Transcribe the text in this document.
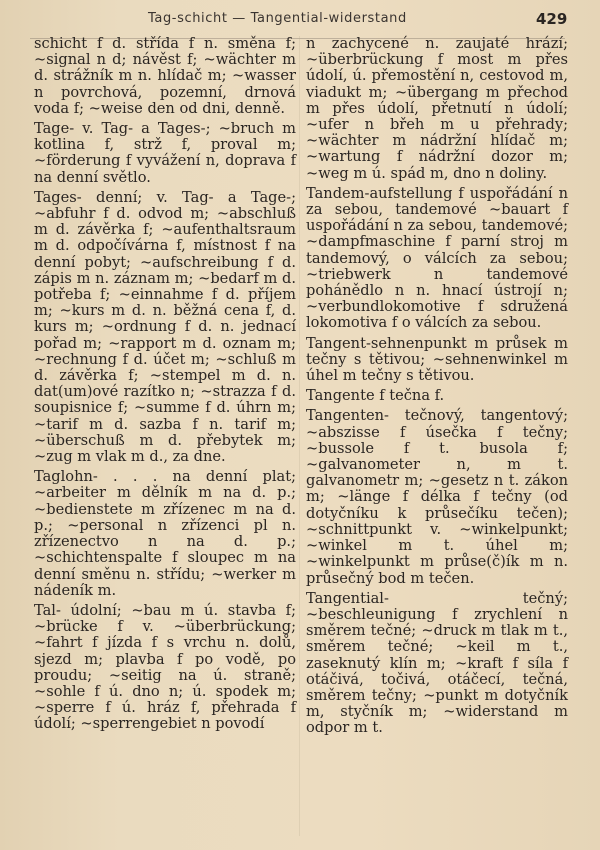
Tag-schicht — Tangential-widerstand	429

schicht f d. střída f n. směna f; ~signal n d; návěst f; ~wächter m d. strážník m n. hlídač m; ~wasser n povrchová, pozemní, drnová voda f; ~weise den od dni, denně.

Tage- v. Tag- a Tages-; ~bruch m kotlina f, strž f, proval m; ~förderung f vyvážení n, doprava f na denní světlo.

Tages- denní; v. Tag- a Tage-; ~abfuhr f d. odvod m; ~abschluß m d. závěrka f; ~aufenthaltsraum m d. odpočívárna f, místnost f na denní pobyt; ~aufschreibung f d. zápis m n. záznam m; ~bedarf m d. potřeba f; ~einnahme f d. příjem m; ~kurs m d. n. běžná cena f, d. kurs m; ~ordnung f d. n. jednací pořad m; ~rapport m d. oznam m; ~rechnung f d. účet m; ~schluß m d. závěrka f; ~stempel m d. n. dat(um)ové razítko n; ~strazza f d. soupisnice f; ~summe f d. úhrn m; ~tarif m d. sazba f n. tarif m; ~überschuß m d. přebytek m; ~zug m vlak m d., za dne.

Taglohn- . . . na denní plat; ~arbeiter m dělník m na d. p.; ~bedienstete m zřízenec m na d. p.; ~personal n zřízenci pl n. zřízenectvo n na d. p.; ~schichtenspalte f sloupec m na denní směnu n. střídu; ~werker m nádeník m.

Tal- údolní; ~bau m ú. stavba f; ~brücke f v. ~überbrückung; ~fahrt f jízda f s vrchu n. dolů, sjezd m; plavba f po vodě, po proudu; ~seitig na ú. straně; ~sohle f ú. dno n; ú. spodek m; ~sperre f ú. hráz f, přehrada f údolí; ~sperrengebiet n povodí

n zachycené n. zaujaté hrází; ~überbrückung f most m přes údolí, ú. přemostění n, cestovod m, viadukt m; ~übergang m přechod m přes údolí, přetnutí n údolí; ~ufer n břeh m u přehrady; ~wächter m nádržní hlídač m; ~wartung f nádržní dozor m; ~weg m ú. spád m, dno n doliny.

Tandem-aufstellung f uspořádání n za sebou, tandemové ~bauart f uspořádání n za sebou, tandemové; ~dampfmaschine f parní stroj m tandemový, o válcích za sebou; ~triebwerk n tandemové pohánědlo n n. hnací ústrojí n; ~verbundlokomotive f sdružená lokomotiva f o válcích za sebou.

Tangent-sehnenpunkt m průsek m tečny s tětivou; ~sehnenwinkel m úhel m tečny s tětivou.

Tangente f tečna f.

Tangenten- tečnový, tangentový; ~abszisse f úsečka f tečny; ~bussole f t. busola f; ~galvanometer n, m t. galvanometr m; ~gesetz n t. zákon m; ~länge f délka f tečny (od dotyčníku k průsečíku tečen); ~schnittpunkt v. ~winkelpunkt; ~winkel m t. úhel m; ~winkelpunkt m průse(č)ík m n. průsečný bod m tečen.

Tangential- tečný; ~beschleunigung f zrychlení n směrem tečné; ~druck m tlak m t., směrem tečné; ~keil m t., zaseknutý klín m; ~kraft f síla f otáčivá, točivá, otáčecí, tečná, směrem tečny; ~punkt m dotyčník m, styčník m; ~widerstand m odpor m t.
